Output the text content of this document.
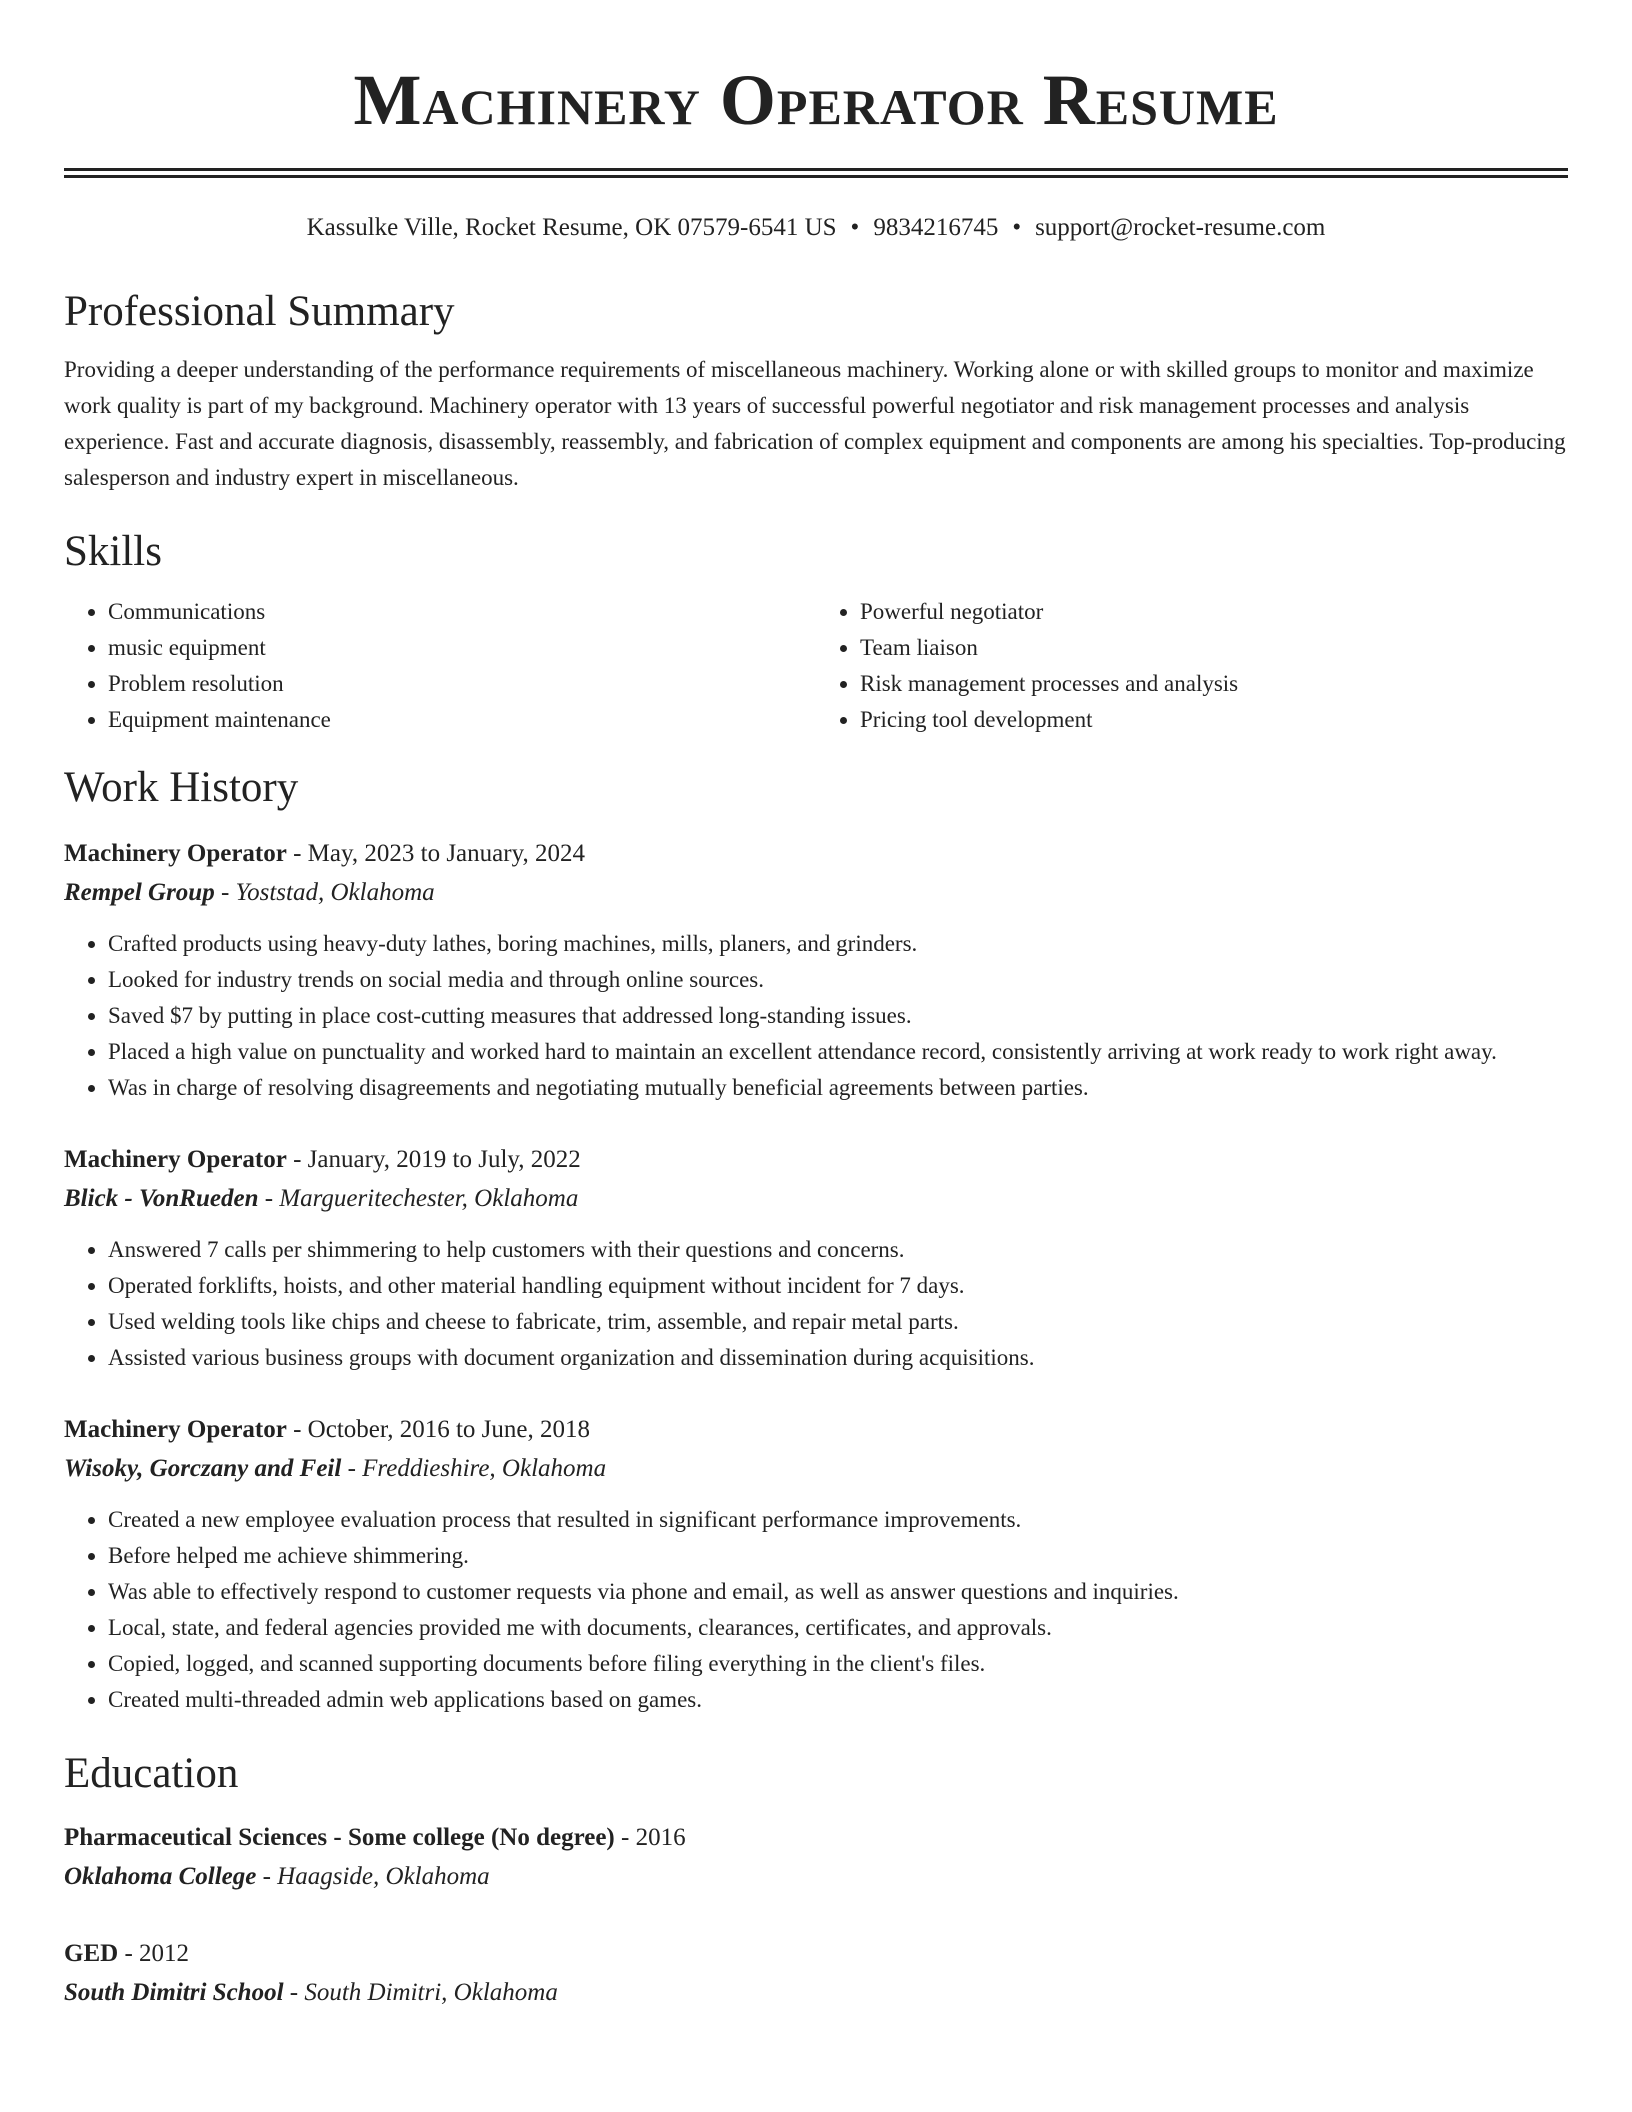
Machinery Operator Resume
Kassulke Ville, Rocket Resume, OK 07579-6541 US • 9834216745 • support@rocket-resume.com
Professional Summary
Providing a deeper understanding of the performance requirements of miscellaneous machinery. Working alone or with skilled groups to monitor and maximize work quality is part of my background. Machinery operator with 13 years of successful powerful negotiator and risk management processes and analysis experience. Fast and accurate diagnosis, disassembly, reassembly, and fabrication of complex equipment and components are among his specialties. Top-producing salesperson and industry expert in miscellaneous.
Skills
• Communications
• music equipment
• Problem resolution
• Equipment maintenance
• Powerful negotiator
• Team liaison
• Risk management processes and analysis
• Pricing tool development
Work History
Machinery Operator - May, 2023 to January, 2024
Rempel Group - Yoststad, Oklahoma
• Crafted products using heavy-duty lathes, boring machines, mills, planers, and grinders.
• Looked for industry trends on social media and through online sources.
• Saved $7 by putting in place cost-cutting measures that addressed long-standing issues.
• Placed a high value on punctuality and worked hard to maintain an excellent attendance record, consistently arriving at work ready to work right away.
• Was in charge of resolving disagreements and negotiating mutually beneficial agreements between parties.
Machinery Operator - January, 2019 to July, 2022
Blick - VonRueden - Margueritechester, Oklahoma
• Answered 7 calls per shimmering to help customers with their questions and concerns.
• Operated forklifts, hoists, and other material handling equipment without incident for 7 days.
• Used welding tools like chips and cheese to fabricate, trim, assemble, and repair metal parts.
• Assisted various business groups with document organization and dissemination during acquisitions.
Machinery Operator - October, 2016 to June, 2018
Wisoky, Gorczany and Feil - Freddieshire, Oklahoma
• Created a new employee evaluation process that resulted in significant performance improvements.
• Before helped me achieve shimmering.
• Was able to effectively respond to customer requests via phone and email, as well as answer questions and inquiries.
• Local, state, and federal agencies provided me with documents, clearances, certificates, and approvals.
• Copied, logged, and scanned supporting documents before filing everything in the client's files.
• Created multi-threaded admin web applications based on games.
Education
Pharmaceutical Sciences - Some college (No degree) - 2016
Oklahoma College - Haagside, Oklahoma
GED - 2012
South Dimitri School - South Dimitri, Oklahoma
